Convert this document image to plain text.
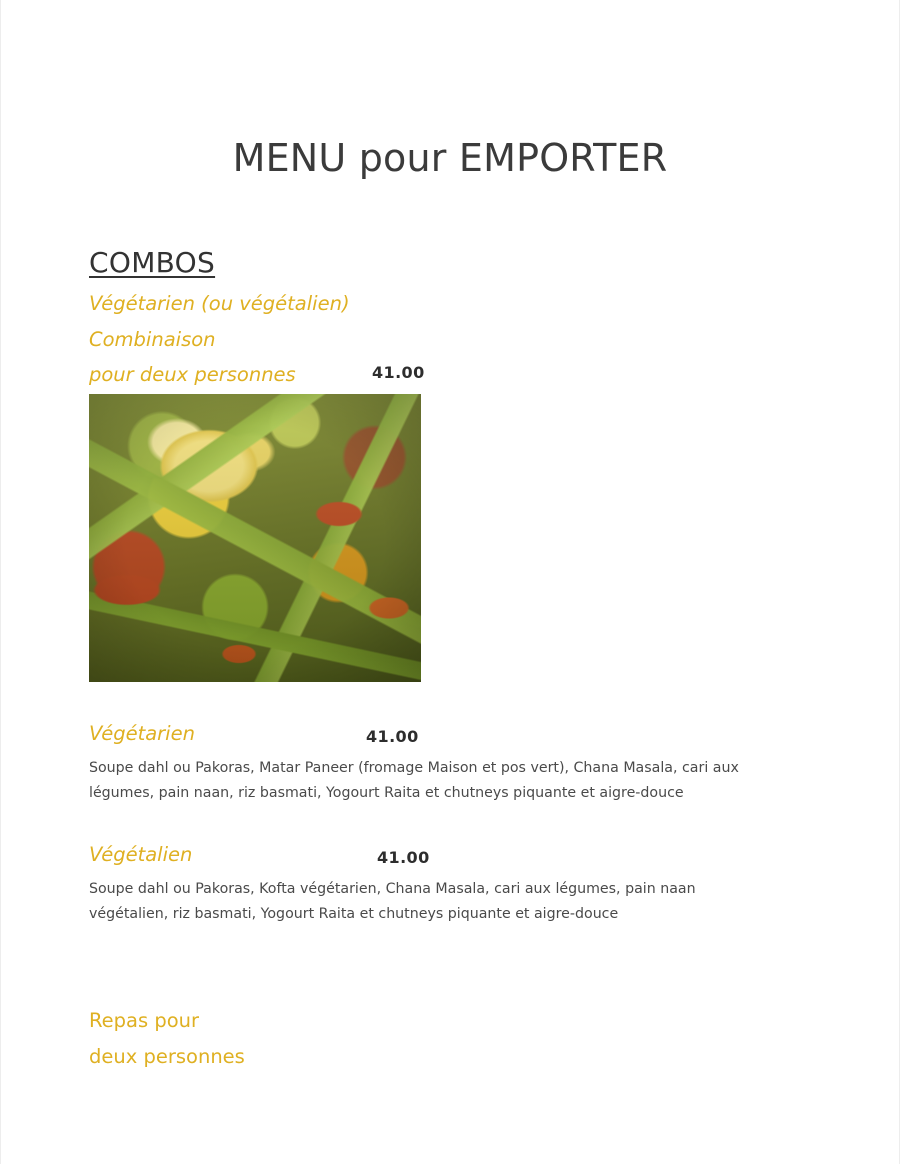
MENU pour EMPORTER
COMBOS
Végétarien (ou végétalien)
Combinaison
pour deux personnes	41.00
Végétarien	41.00
Soupe dahl ou Pakoras, Matar Paneer (fromage Maison et pos vert), Chana Masala, cari aux légumes, pain naan, riz basmati, Yogourt Raita et chutneys piquante et aigre-douce
Végétalien	41.00
Soupe dahl ou Pakoras, Kofta végétarien, Chana Masala, cari aux légumes, pain naan végétalien, riz basmati, Yogourt Raita et chutneys piquante et aigre-douce
Repas pour
deux personnes
